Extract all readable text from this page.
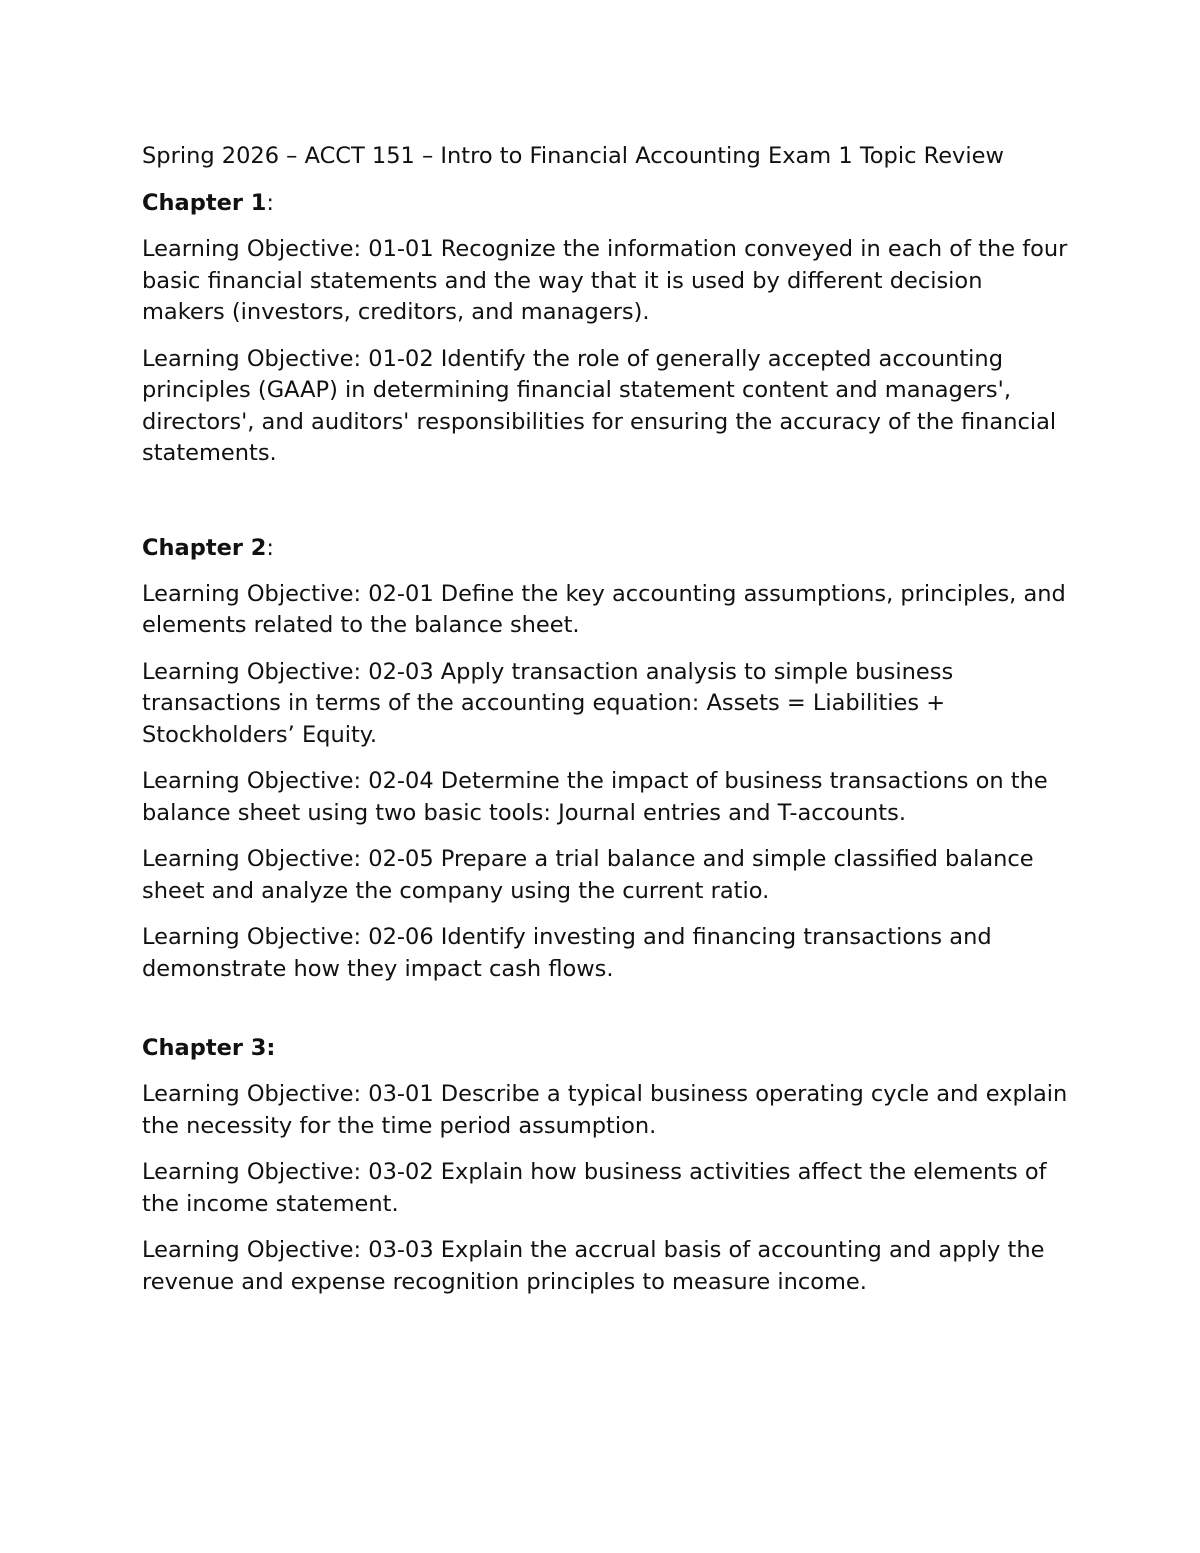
Spring 2026 – ACCT 151 – Intro to Financial Accounting Exam 1 Topic Review

Chapter 1:

Learning Objective: 01-01 Recognize the information conveyed in each of the four basic financial statements and the way that it is used by different decision makers (investors, creditors, and managers).

Learning Objective: 01-02 Identify the role of generally accepted accounting principles (GAAP) in determining financial statement content and managers', directors', and auditors' responsibilities for ensuring the accuracy of the financial statements.

Chapter 2:

Learning Objective: 02-01 Define the key accounting assumptions, principles, and elements related to the balance sheet.

Learning Objective: 02-03 Apply transaction analysis to simple business transactions in terms of the accounting equation: Assets = Liabilities + Stockholders’ Equity.

Learning Objective: 02-04 Determine the impact of business transactions on the balance sheet using two basic tools: Journal entries and T-accounts.

Learning Objective: 02-05 Prepare a trial balance and simple classified balance sheet and analyze the company using the current ratio.

Learning Objective: 02-06 Identify investing and financing transactions and demonstrate how they impact cash flows.

Chapter 3:

Learning Objective: 03-01 Describe a typical business operating cycle and explain the necessity for the time period assumption.

Learning Objective: 03-02 Explain how business activities affect the elements of the income statement.

Learning Objective: 03-03 Explain the accrual basis of accounting and apply the revenue and expense recognition principles to measure income.
